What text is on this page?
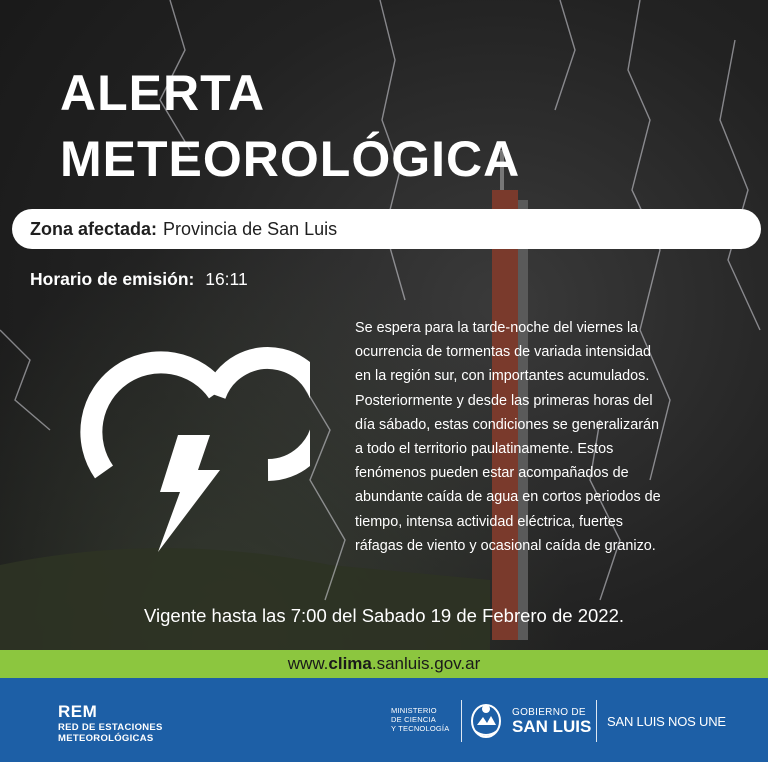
ALERTA
METEOROLÓGICA
Zona afectada: Provincia de San Luis
Horario de emisión: 16:11
Se espera para la tarde-noche del viernes la
ocurrencia de tormentas de variada intensidad
en la región sur, con importantes acumulados.
Posteriormente y desde las primeras horas del
día sábado, estas condiciones se generalizarán
a todo el territorio paulatinamente. Estos
fenómenos pueden estar acompañados de
abundante caída de agua en cortos periodos de
tiempo, intensa actividad eléctrica, fuertes
ráfagas de viento y ocasional caída de granizo.
Vigente hasta las 7:00 del Sabado 19 de Febrero de 2022.
www. clima .sanluis.gov.ar
REM
RED DE ESTACIONES
METEOROLÓGICAS
MINISTERIO
DE CIENCIA
Y TECNOLOGÍA
GOBIERNO DE
SAN LUIS SAN LUIS NOS UNE
